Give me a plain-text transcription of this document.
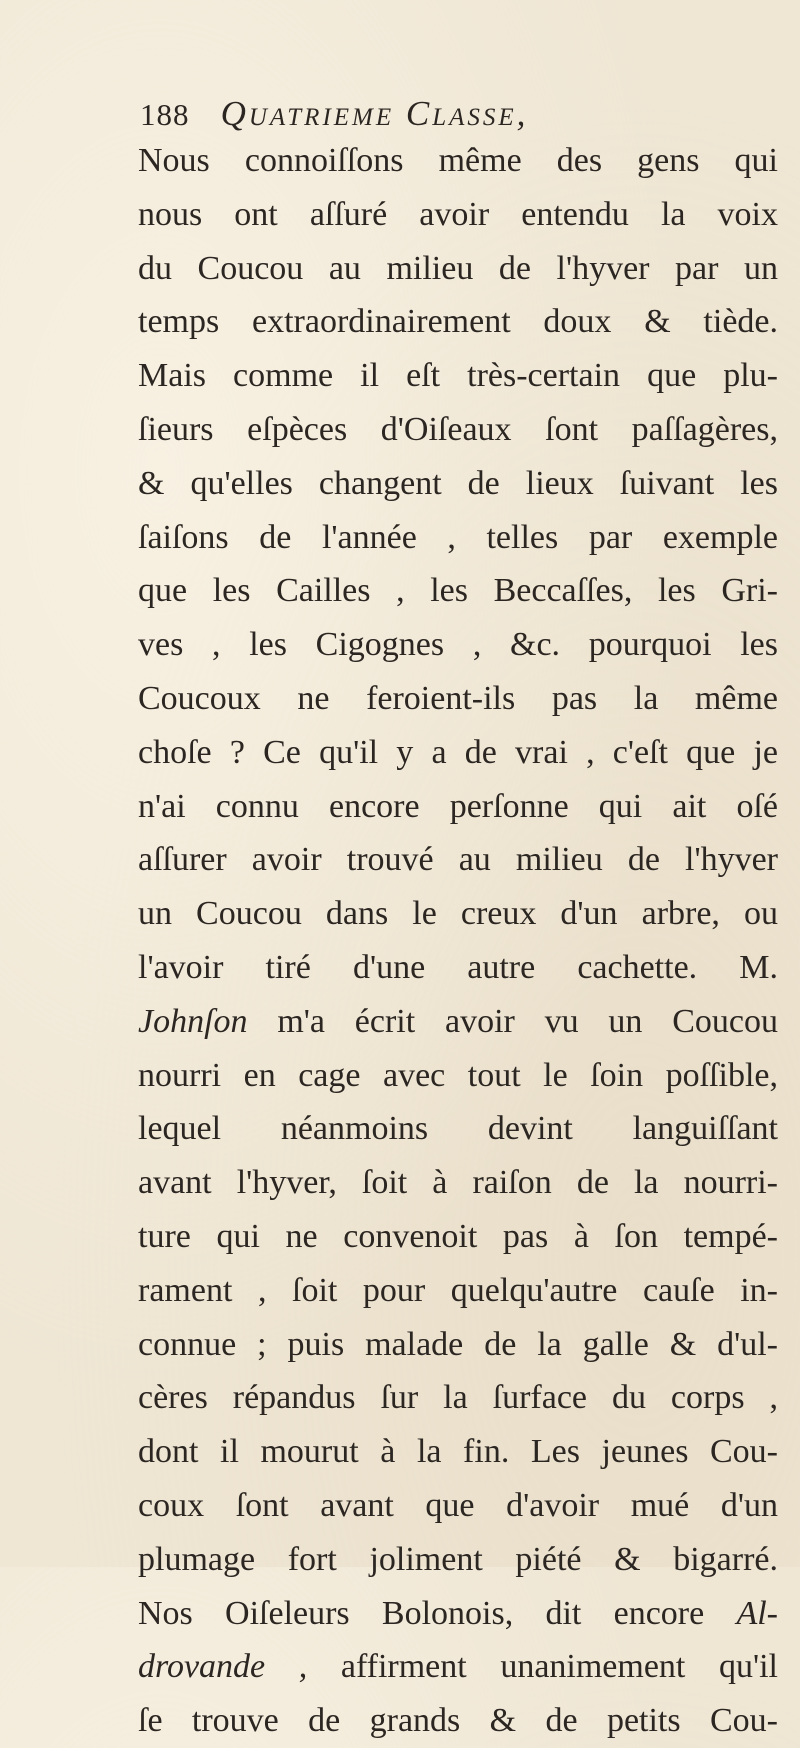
188 Quatrieme Classe,
Nous connoiſſons même des gens qui
nous ont aſſuré avoir entendu la voix
du Coucou au milieu de l'hyver par un
temps extraordinairement doux & tiède.
Mais comme il eſt très-certain que plu-
ſieurs eſpèces d'Oiſeaux ſont paſſagères,
& qu'elles changent de lieux ſuivant les
ſaiſons de l'année , telles par exemple
que les Cailles , les Beccaſſes, les Gri-
ves , les Cigognes , &c. pourquoi les
Coucoux ne feroient-ils pas la même
choſe ? Ce qu'il y a de vrai , c'eſt que je
n'ai connu encore perſonne qui ait oſé
aſſurer avoir trouvé au milieu de l'hyver
un Coucou dans le creux d'un arbre, ou
l'avoir tiré d'une autre cachette. M.
Johnſon m'a écrit avoir vu un Coucou
nourri en cage avec tout le ſoin poſſible,
lequel néanmoins devint languiſſant
avant l'hyver, ſoit à raiſon de la nourri-
ture qui ne convenoit pas à ſon tempé-
rament , ſoit pour quelqu'autre cauſe in-
connue ; puis malade de la galle & d'ul-
cères répandus ſur la ſurface du corps ,
dont il mourut à la fin. Les jeunes Cou-
coux ſont avant que d'avoir mué d'un
plumage fort joliment piété & bigarré.
Nos Oiſeleurs Bolonois, dit encore Al-
drovande , affirment unanimement qu'il
ſe trouve de grands & de petits Cou-
